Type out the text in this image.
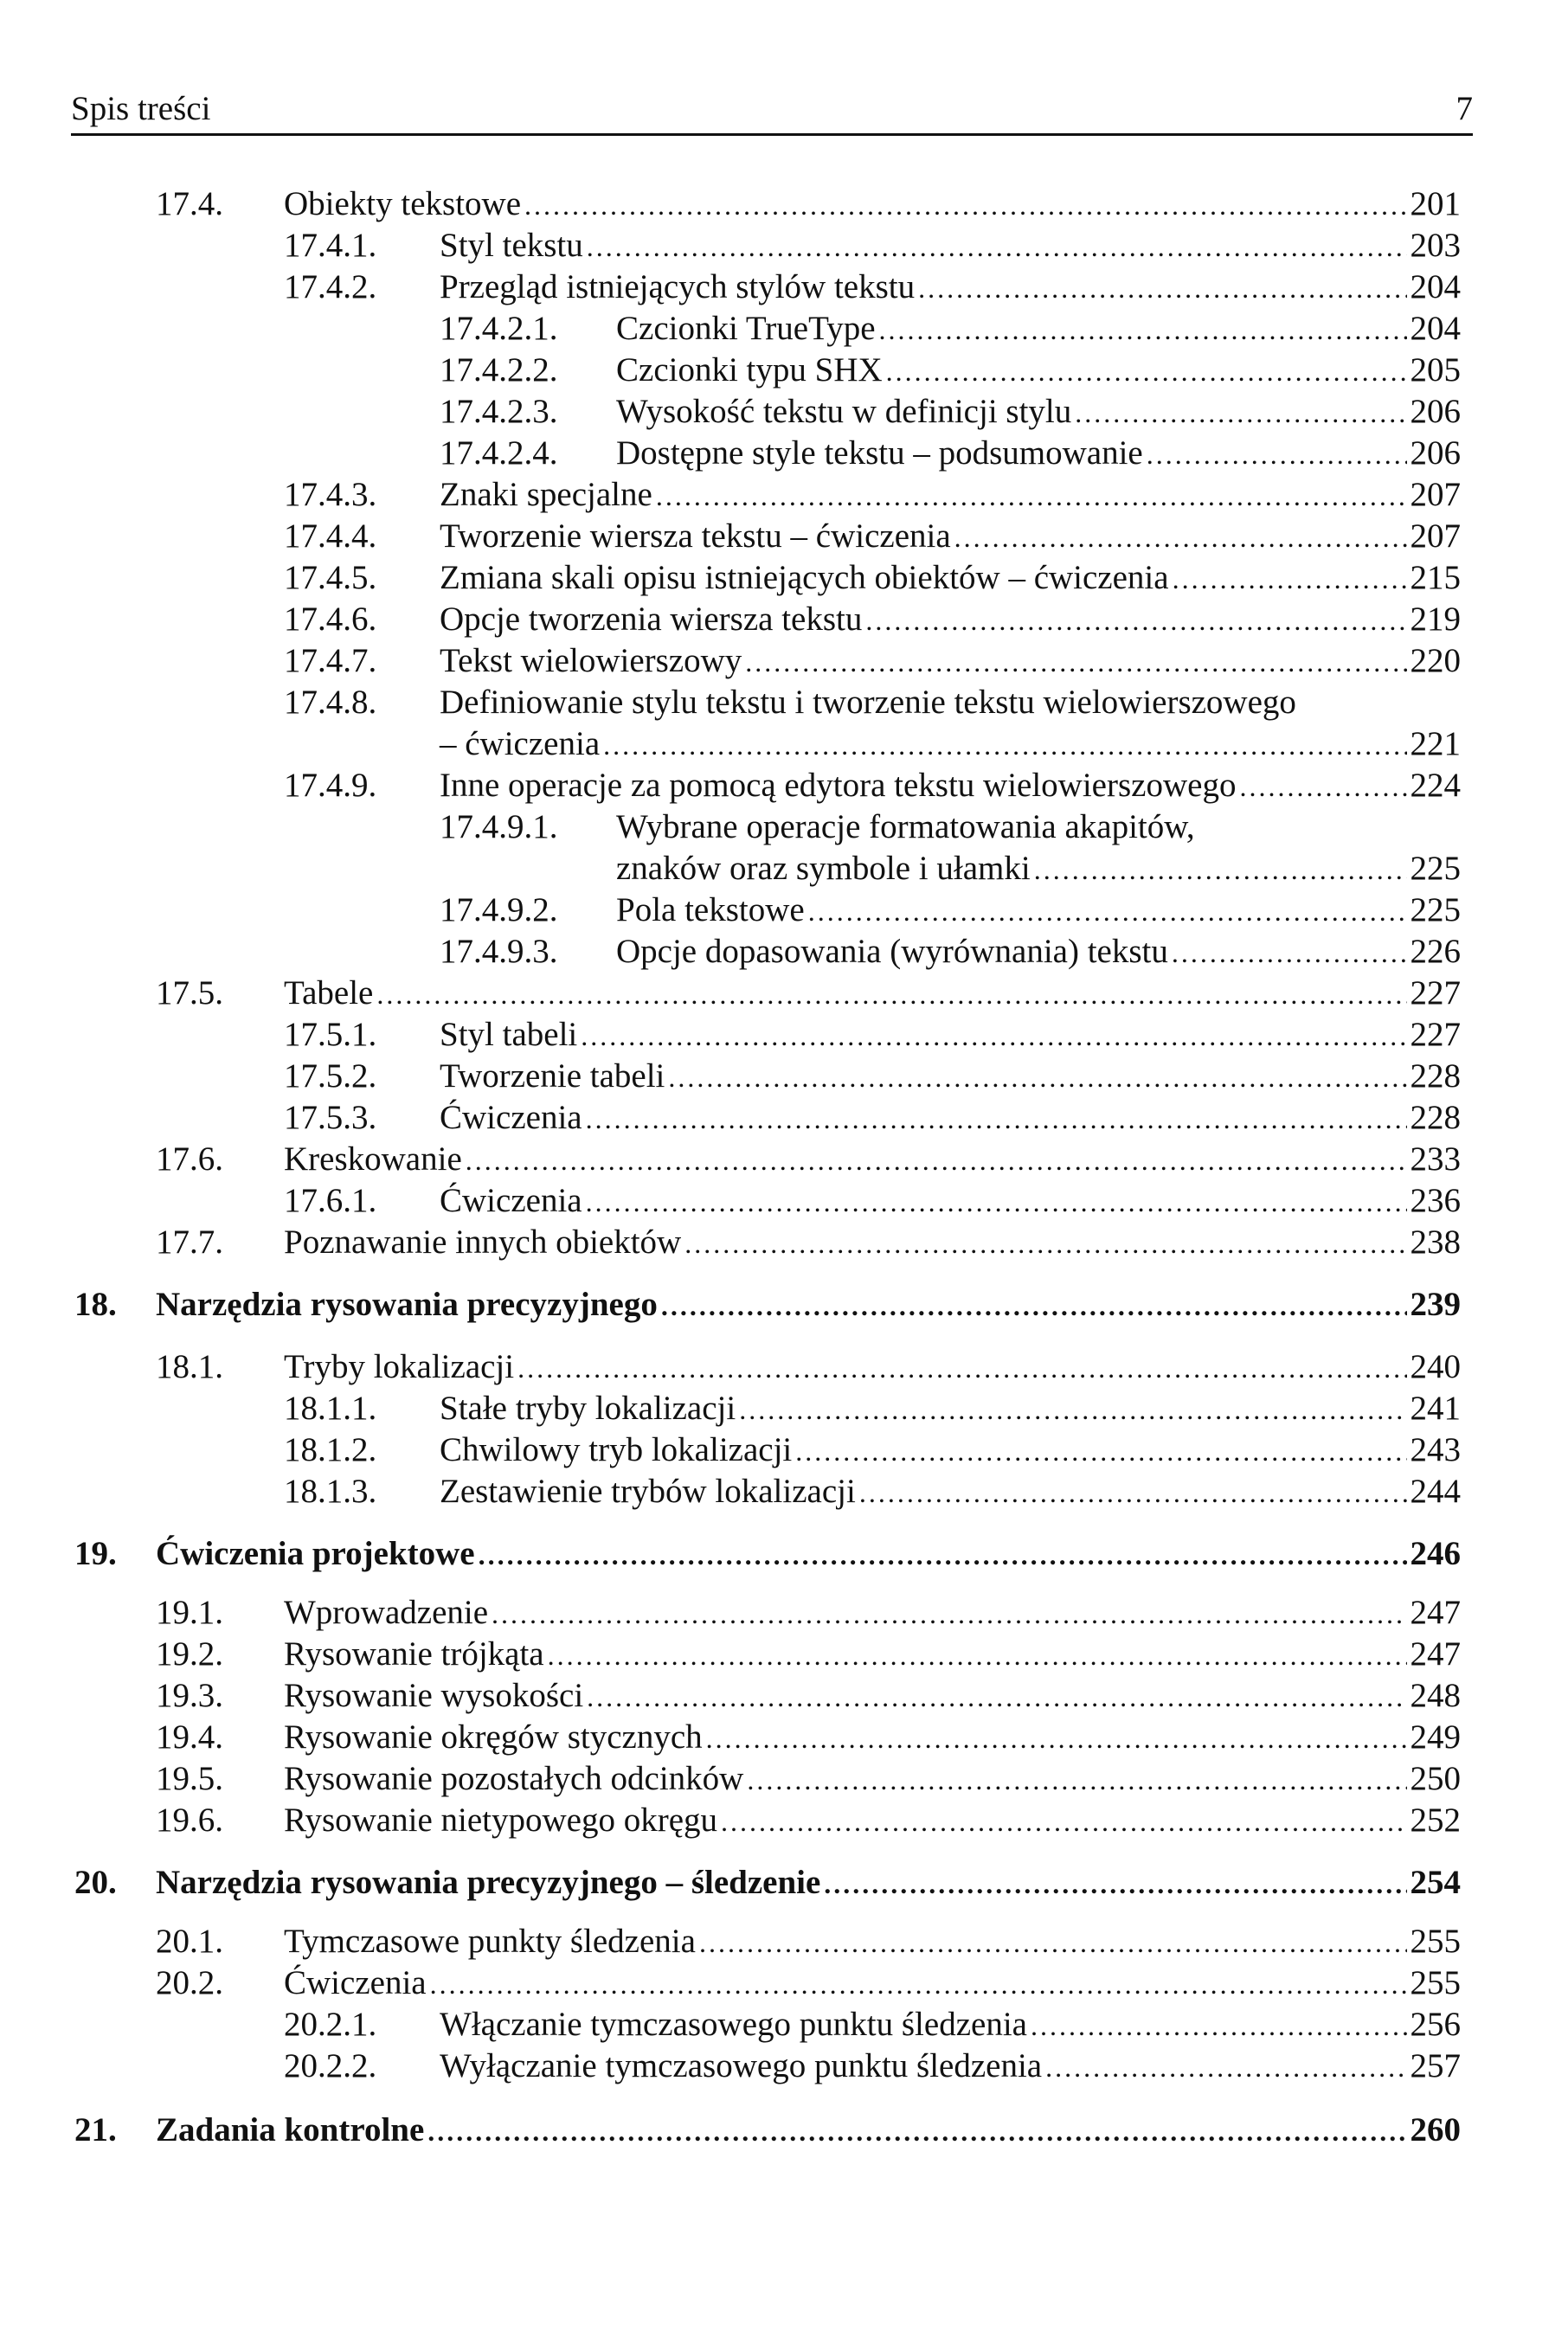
Spis treści	7
17.4. Obiekty tekstowe .....	201
17.4.1. Styl tekstu .....	203
17.4.2. Przegląd istniejących stylów tekstu .....	204
17.4.2.1. Czcionki TrueType .....	204
17.4.2.2. Czcionki typu SHX .....	205
17.4.2.3. Wysokość tekstu w definicji stylu .....	206
17.4.2.4. Dostępne style tekstu – podsumowanie .....	206
17.4.3. Znaki specjalne .....	207
17.4.4. Tworzenie wiersza tekstu – ćwiczenia .....	207
17.4.5. Zmiana skali opisu istniejących obiektów – ćwiczenia .....	215
17.4.6. Opcje tworzenia wiersza tekstu .....	219
17.4.7. Tekst wielowierszowy .....	220
17.4.8. Definiowanie stylu tekstu i tworzenie tekstu wielowierszowego
– ćwiczenia .....	221
17.4.9. Inne operacje za pomocą edytora tekstu wielowierszowego .....	224
17.4.9.1. Wybrane operacje formatowania akapitów,
znaków oraz symbole i ułamki .....	225
17.4.9.2. Pola tekstowe .....	225
17.4.9.3. Opcje dopasowania (wyrównania) tekstu .....	226
17.5. Tabele .....	227
17.5.1. Styl tabeli .....	227
17.5.2. Tworzenie tabeli .....	228
17.5.3. Ćwiczenia .....	228
17.6. Kreskowanie .....	233
17.6.1. Ćwiczenia .....	236
17.7. Poznawanie innych obiektów .....	238
18. Narzędzia rysowania precyzyjnego .....	239
18.1. Tryby lokalizacji .....	240
18.1.1. Stałe tryby lokalizacji .....	241
18.1.2. Chwilowy tryb lokalizacji .....	243
18.1.3. Zestawienie trybów lokalizacji .....	244
19. Ćwiczenia projektowe .....	246
19.1. Wprowadzenie .....	247
19.2. Rysowanie trójkąta .....	247
19.3. Rysowanie wysokości .....	248
19.4. Rysowanie okręgów stycznych .....	249
19.5. Rysowanie pozostałych odcinków .....	250
19.6. Rysowanie nietypowego okręgu .....	252
20. Narzędzia rysowania precyzyjnego – śledzenie .....	254
20.1. Tymczasowe punkty śledzenia .....	255
20.2. Ćwiczenia .....	255
20.2.1. Włączanie tymczasowego punktu śledzenia .....	256
20.2.2. Wyłączanie tymczasowego punktu śledzenia .....	257
21. Zadania kontrolne .....	260
